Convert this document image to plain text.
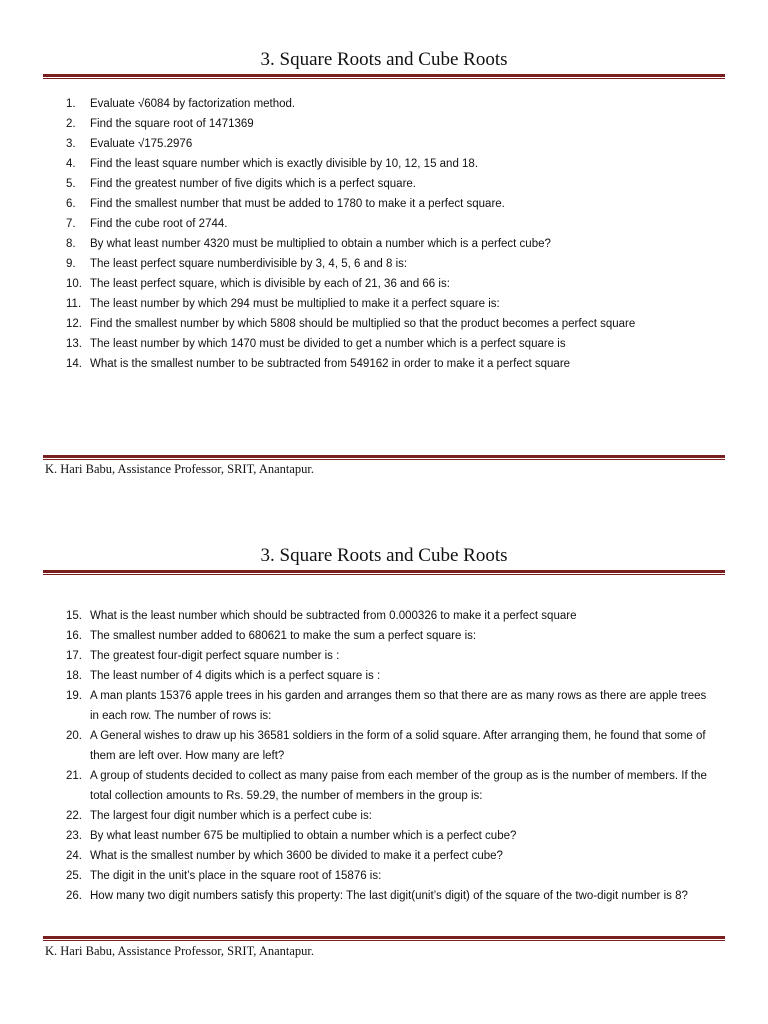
3. Square Roots and Cube Roots
1.	Evaluate √6084 by factorization method.
2.	Find the square root of 1471369
3.	Evaluate √175.2976
4.	Find the least square number which is exactly divisible by 10, 12, 15 and 18.
5.	Find the greatest number of five digits which is a perfect square.
6.	Find the smallest number that must be added to 1780 to make it a perfect square.
7.	Find the cube root of 2744.
8.	By what least number 4320 must be multiplied to obtain a number which is a perfect cube?
9.	The least perfect square numberdivisible by 3, 4, 5, 6 and 8 is:
10. The least perfect square, which is divisible by each of 21, 36 and 66 is:
11. The least number by which 294 must be multiplied to make it a perfect square is:
12. Find the smallest number by which 5808 should be multiplied so that the product becomes a perfect square
13. The least number by which 1470 must be divided to get a number which is a perfect square is
14. What is the smallest number to be subtracted from 549162 in order to make it a perfect square
K. Hari Babu, Assistance Professor, SRIT, Anantapur.
3. Square Roots and Cube Roots
15. What is the least number which should be subtracted from 0.000326 to make it a perfect square
16. The smallest number added to 680621 to make the sum a perfect square is:
17. The greatest four-digit perfect square number is :
18. The least number of 4 digits which is a perfect square is :
19. A man plants 15376 apple trees in his garden and arranges them so that there are as many rows as there are apple trees in each row. The number of rows is:
20. A General wishes to draw up his 36581 soldiers in the form of a solid square. After arranging them, he found that some of them are left over. How many are left?
21. A group of students decided to collect as many paise from each member of the group as is the number of members. If the total collection amounts to Rs. 59.29, the number of members in the group is:
22. The largest four digit number which is a perfect cube is:
23. By what least number 675 be multiplied to obtain a number which is a perfect cube?
24. What is the smallest number by which 3600 be divided to make it a perfect cube?
25. The digit in the unit’s place in the square root of 15876 is:
26. How many two digit numbers satisfy this property: The last digit(unit’s digit) of the square of the two-digit number is 8?
K. Hari Babu, Assistance Professor, SRIT, Anantapur.
